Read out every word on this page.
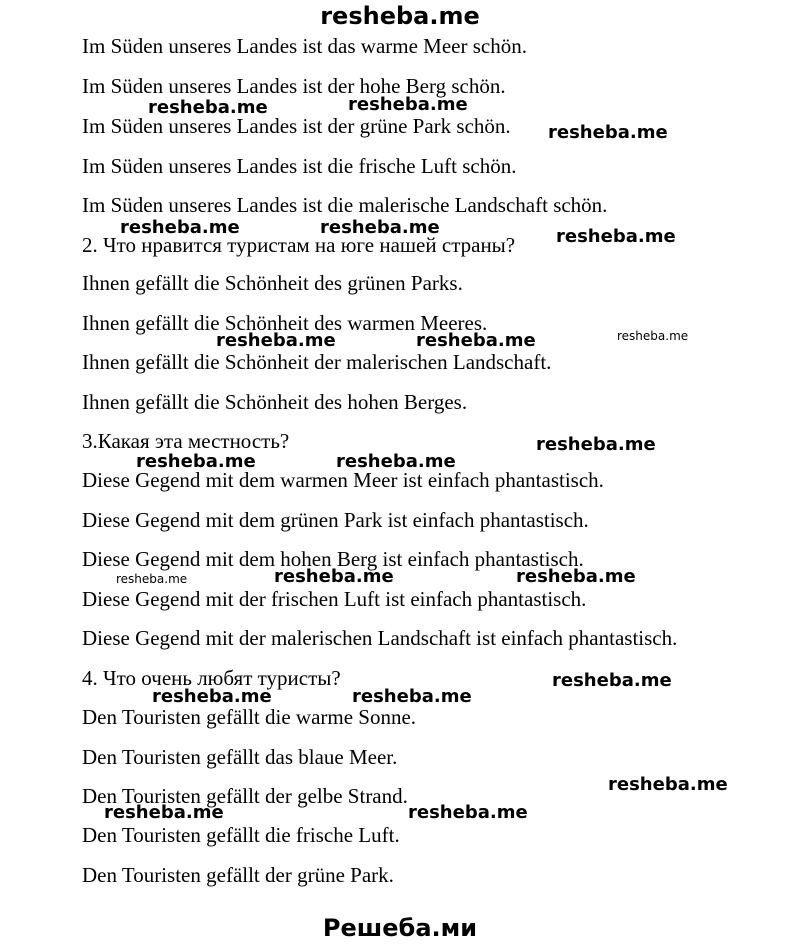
resheba.me

Im Süden unseres Landes ist das warme Meer schön.

Im Süden unseres Landes ist der hohe Berg schön.

Im Süden unseres Landes ist der grüne Park schön.

Im Süden unseres Landes ist die frische Luft schön.

Im Süden unseres Landes ist die malerische Landschaft schön.

2. Что нравится туристам на юге нашей страны?

Ihnen gefällt die Schönheit des grünen Parks.

Ihnen gefällt die Schönheit des warmen Meeres.

Ihnen gefällt die Schönheit der malerischen Landschaft.

Ihnen gefällt die Schönheit des hohen Berges.

3.Какая эта местность?

Diese Gegend mit dem warmen Meer ist einfach phantastisch.

Diese Gegend mit dem grünen Park ist einfach phantastisch.

Diese Gegend mit dem hohen Berg ist einfach phantastisch.

Diese Gegend mit der frischen Luft ist einfach phantastisch.

Diese Gegend mit der malerischen Landschaft ist einfach phantastisch.

4. Что очень любят туристы?

Den Touristen gefällt die warme Sonne.

Den Touristen gefällt das blaue Meer.

Den Touristen gefällt der gelbe Strand.

Den Touristen gefällt die frische Luft.

Den Touristen gefällt der grüne Park.

resheba.me	resheba.me

resheba.me

resheba.me	resheba.me	resheba.me

resheba.me	resheba.me	resheba.me

resheba.me

resheba.me	resheba.me

resheba.me	resheba.me	resheba.me

resheba.me

resheba.me	resheba.me

resheba.me

resheba.me	resheba.me

Решеба.ми
